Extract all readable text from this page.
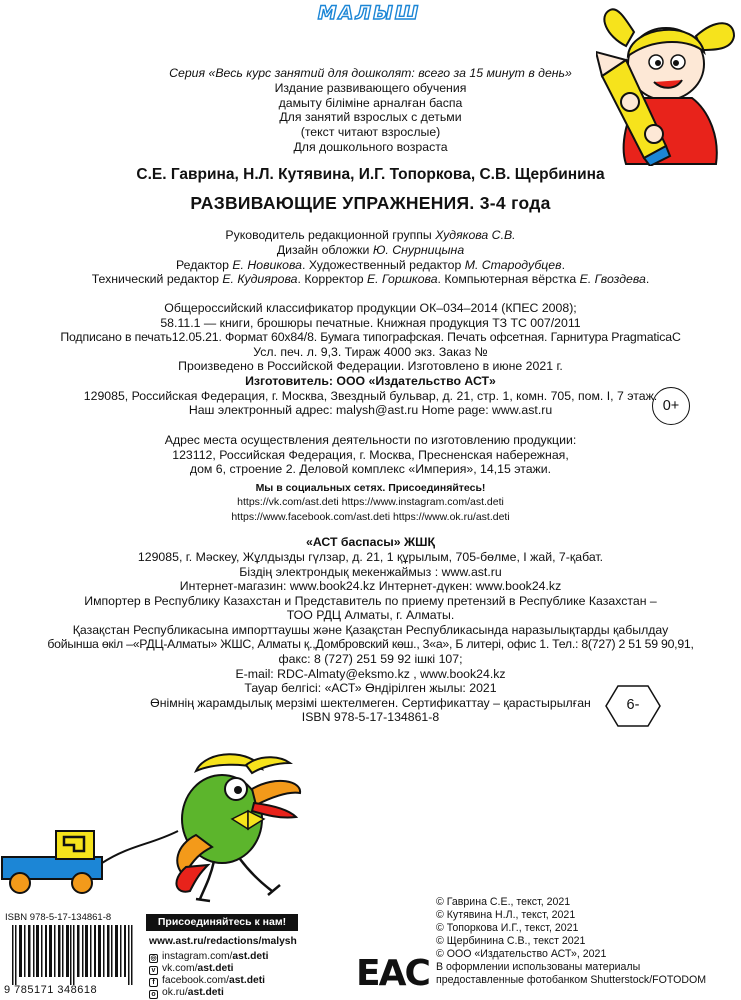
МАЛЫШ
Серия «Весь курс занятий для дошколят: всего за 15 минут в день»
Издание развивающего обучения
дамыту біліміне арналған баспа
Для занятий взрослых с детьми
(текст читают взрослые)
Для дошкольного возраста
С.Е. Гаврина, Н.Л. Кутявина, И.Г. Топоркова, С.В. Щербинина
РАЗВИВАЮЩИЕ УПРАЖНЕНИЯ. 3-4 года
Руководитель редакционной группы Худякова С.В.
Дизайн обложки Ю. Снурницына
Редактор Е. Новикова. Художественный редактор М. Стародубцев.
Технический редактор Е. Кудиярова. Корректор Е. Горшкова. Компьютерная вёрстка Е. Гвоздева.
Общероссийский классификатор продукции ОК–034–2014 (КПЕС 2008);
58.11.1 — книги, брошюры печатные. Книжная продукция ТЗ ТС 007/2011
Подписано в печать12.05.21. Формат 60x84/8. Бумага типографская. Печать офсетная. Гарнитура PragmaticaC
Усл. печ. л. 9,3. Тираж 4000 экз. Заказ №
Произведено в Российской Федерации. Изготовлено в июне 2021 г.
Изготовитель: ООО «Издательство АСТ»
129085, Российская Федерация, г. Москва, Звездный бульвар, д. 21, стр. 1, комн. 705, пом. I, 7 этаж.
Наш электронный адрес: malysh@ast.ru Home page: www.ast.ru	0+
Адрес места осуществления деятельности по изготовлению продукции:
123112, Российская Федерация, г. Москва, Пресненская набережная,
дом 6, строение 2. Деловой комплекс «Империя», 14,15 этажи.
Мы в социальных сетях. Присоединяйтесь!
https://vk.com/ast.deti https://www.instagram.com/ast.deti
https://www.facebook.com/ast.deti https://www.ok.ru/ast.deti
«АСТ баспасы» ЖШҚ
129085, г. Мәскеу, Жұлдызды гүлзар, д. 21, 1 құрылым, 705-бөлме, I жай, 7-қабат.
Біздің электрондық мекенжаймыз : www.ast.ru
Интернет-магазин: www.book24.kz Интернет-дүкен: www.book24.kz
Импортер в Республику Казахстан и Представитель по приему претензий в Республике Казахстан –
ТОО РДЦ Алматы, г. Алматы.
Қазақстан Республикасына импорттаушы және Қазақстан Республикасында наразылықтарды қабылдау
бойынша өкіл –«РДЦ-Алматы» ЖШС, Алматы қ.,Домбровский көш., 3«а», Б литері, офис 1. Тел.: 8(727) 2 51 59 90,91,
факс: 8 (727) 251 59 92 ішкі 107;
E-mail: RDC-Almaty@eksmo.kz , www.book24.kz
Тауар белгісі: «АСТ» Өндірілген жылы: 2021
Өнімнің жарамдылық мерзімі шектелмеген. Сертификаттау – қарастырылған
ISBN 978-5-17-134861-8
6-
ISBN 978-5-17-134861-8
9 785171 348618
Присоединяйтесь к нам!
www.ast.ru/redactions/malysh
◎ instagram.com/ast.deti
v vk.com/ast.deti
f facebook.com/ast.deti
o ok.ru/ast.deti	ЕАС
© Гаврина С.Е., текст, 2021
© Кутявина Н.Л., текст, 2021
© Топоркова И.Г., текст, 2021
© Щербинина С.В., текст 2021
© ООО «Издательство АСТ», 2021
В оформлении использованы материалы
предоставленные фотобанком Shutterstock/FOTODOM
